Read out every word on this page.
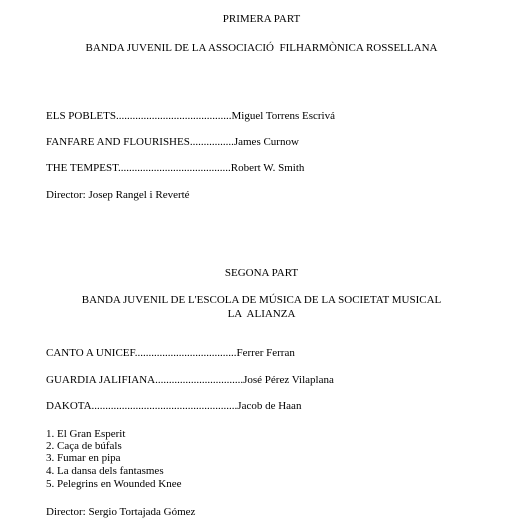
PRIMERA PART
BANDA JUVENIL DE LA ASSOCIACIÓ  FILHARMÒNICA ROSSELLANA
ELS POBLETS..........................................Miguel Torrens Escrivá
FANFARE AND FLOURISHES................James Curnow
THE TEMPEST.........................................Robert W. Smith
Director: Josep Rangel i Reverté
SEGONA PART
BANDA JUVENIL DE L'ESCOLA DE MÚSICA DE LA SOCIETAT MUSICAL
LA  ALIANZA
CANTO A UNICEF.....................................Ferrer Ferran
GUARDIA JALIFIANA................................José Pérez Vilaplana
DAKOTA.....................................................Jacob de Haan
1. El Gran Esperit
2. Caça de búfals
3. Fumar en pipa
4. La dansa dels fantasmes
5. Pelegrins en Wounded Knee
Director: Sergio Tortajada Gómez
